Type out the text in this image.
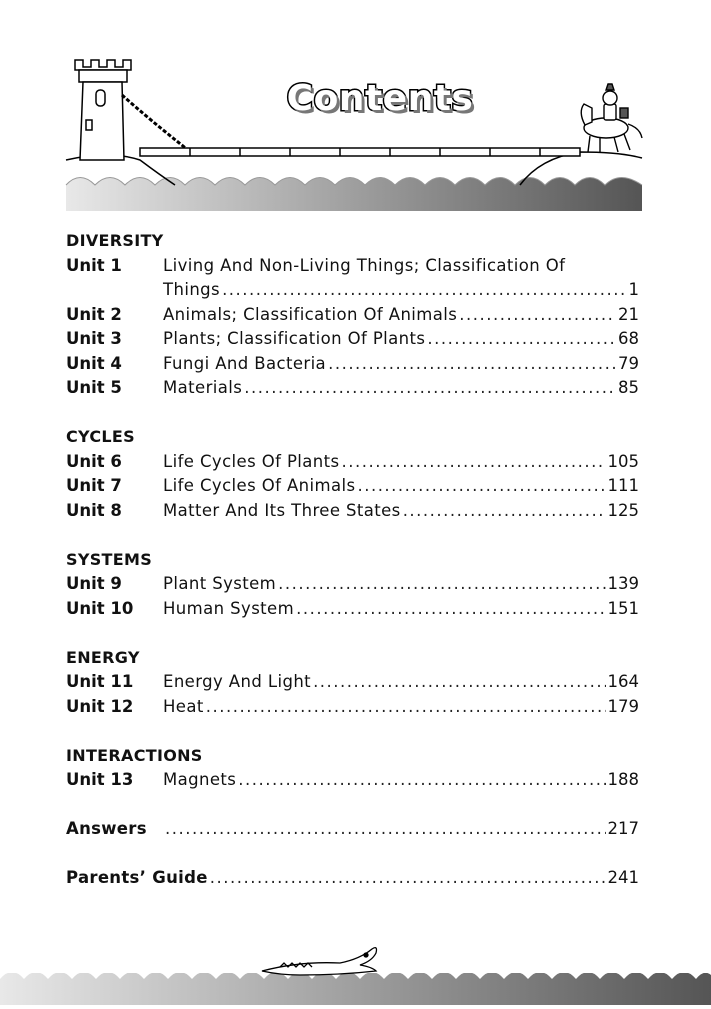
Contents
DIVERSITY
Unit 1	Living And Non-Living Things; Classification Of
Things .....	1
Unit 2	Animals; Classification Of Animals .....	21
Unit 3	Plants; Classification Of Plants .....	68
Unit 4	Fungi And Bacteria .....	79
Unit 5	Materials .....	85
CYCLES
Unit 6	Life Cycles Of Plants .....	105
Unit 7	Life Cycles Of Animals .....	111
Unit 8	Matter And Its Three States .....	125
SYSTEMS
Unit 9	Plant System .....	139
Unit 10	Human System .....	151
ENERGY
Unit 11	Energy And Light .....	164
Unit 12	Heat .....	179
INTERACTIONS
Unit 13	Magnets .....	188
Answers .....	217
Parents’ Guide .....	241
